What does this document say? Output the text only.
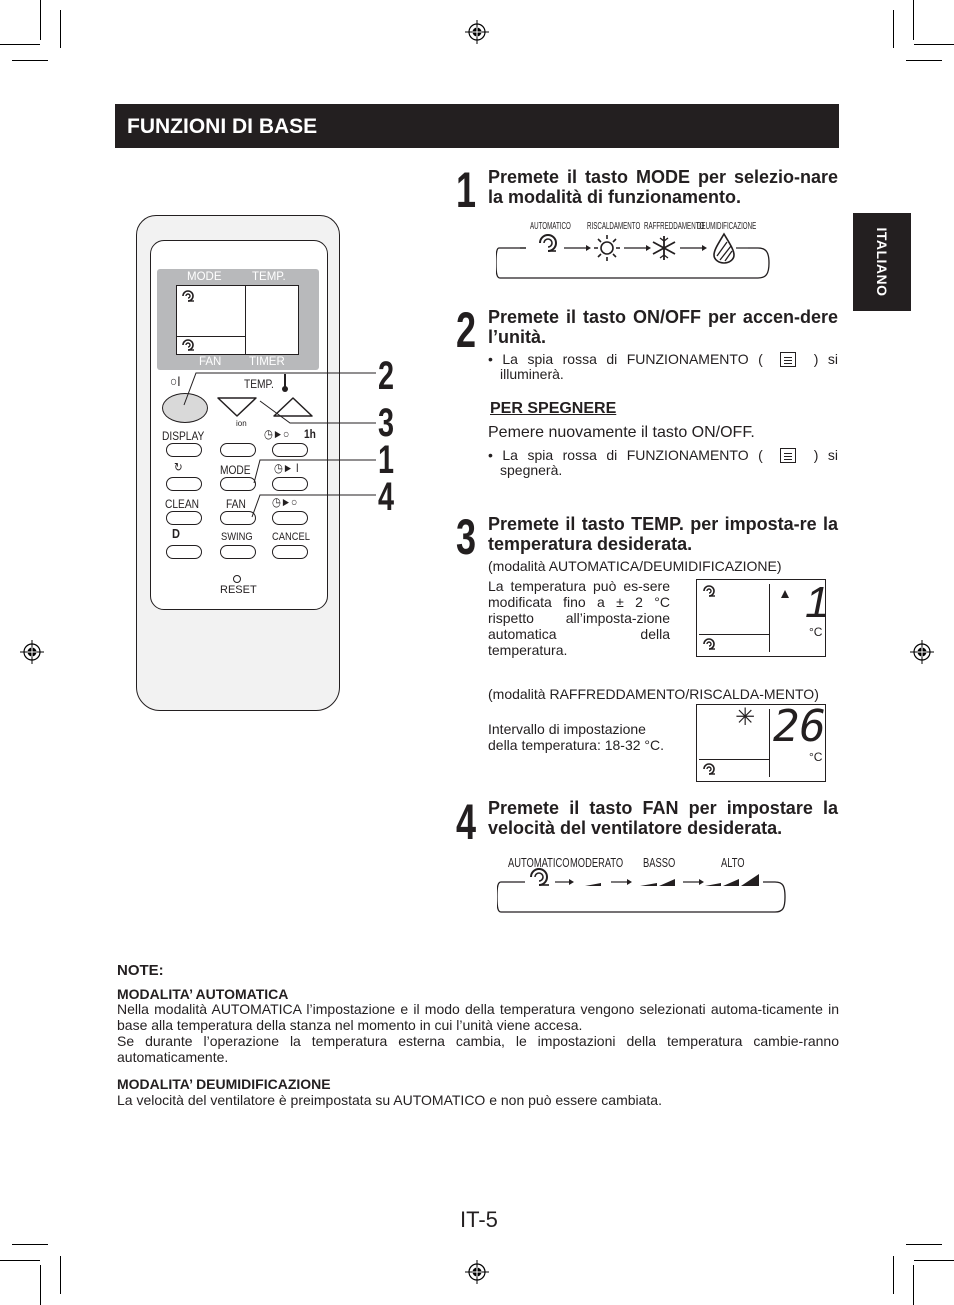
FUNZIONI DI BASE
ITALIANO
MODE	TEMP.
FAN TIMER
○I	TEMP.
ion
DISPLAY	◷►○ 1h
↻	MODE ◷► I
CLEAN FAN ◷►○
D	SWING CANCEL
RESET
2
3
1
4
1 Premete il tasto MODE per selezio-nare la modalità di funzionamento.
AUTOMATICO RISCALDAMENTO RAFFREDDAMENTO
DEUMIDIFICAZIONE
2 Premete il tasto ON/OFF per accen-dere l’unità.
• La spia rossa di FUNZIONAMENTO (	) si illuminerà.
PER SPEGNERE
Pemere nuovamente il tasto ON/OFF.
• La spia rossa di FUNZIONAMENTO (	) si spegnerà.
3 Premete il tasto TEMP. per imposta-re la temperatura desiderata.
(modalità AUTOMATICA/DEUMIDIFICAZIONE)
La temperatura può es-sere modificata fino a ± 2 °C rispetto all’imposta-zione automatica della temperatura.
1
°C
(modalità RAFFREDDAMENTO/RISCALDA-MENTO)
Intervallo di impostazione
della temperatura: 18-32 °C.
✳ 26
°C
4 Premete il tasto FAN per impostare la velocità del ventilatore desiderata.
AUTOMATICO MODERATO BASSO	ALTO
NOTE:
MODALITA’ AUTOMATICA
Nella modalità AUTOMATICA l’impostazione e il modo della temperatura vengono selezionati automa-ticamente in base alla temperatura della stanza nel momento in cui l’unità viene accesa.
Se durante l’operazione la temperatura esterna cambia, le impostazioni della temperatura cambie-ranno automaticamente.
MODALITA’ DEUMIDIFICAZIONE
La velocità del ventilatore è preimpostata su AUTOMATICO e non può essere cambiata.
IT-5
